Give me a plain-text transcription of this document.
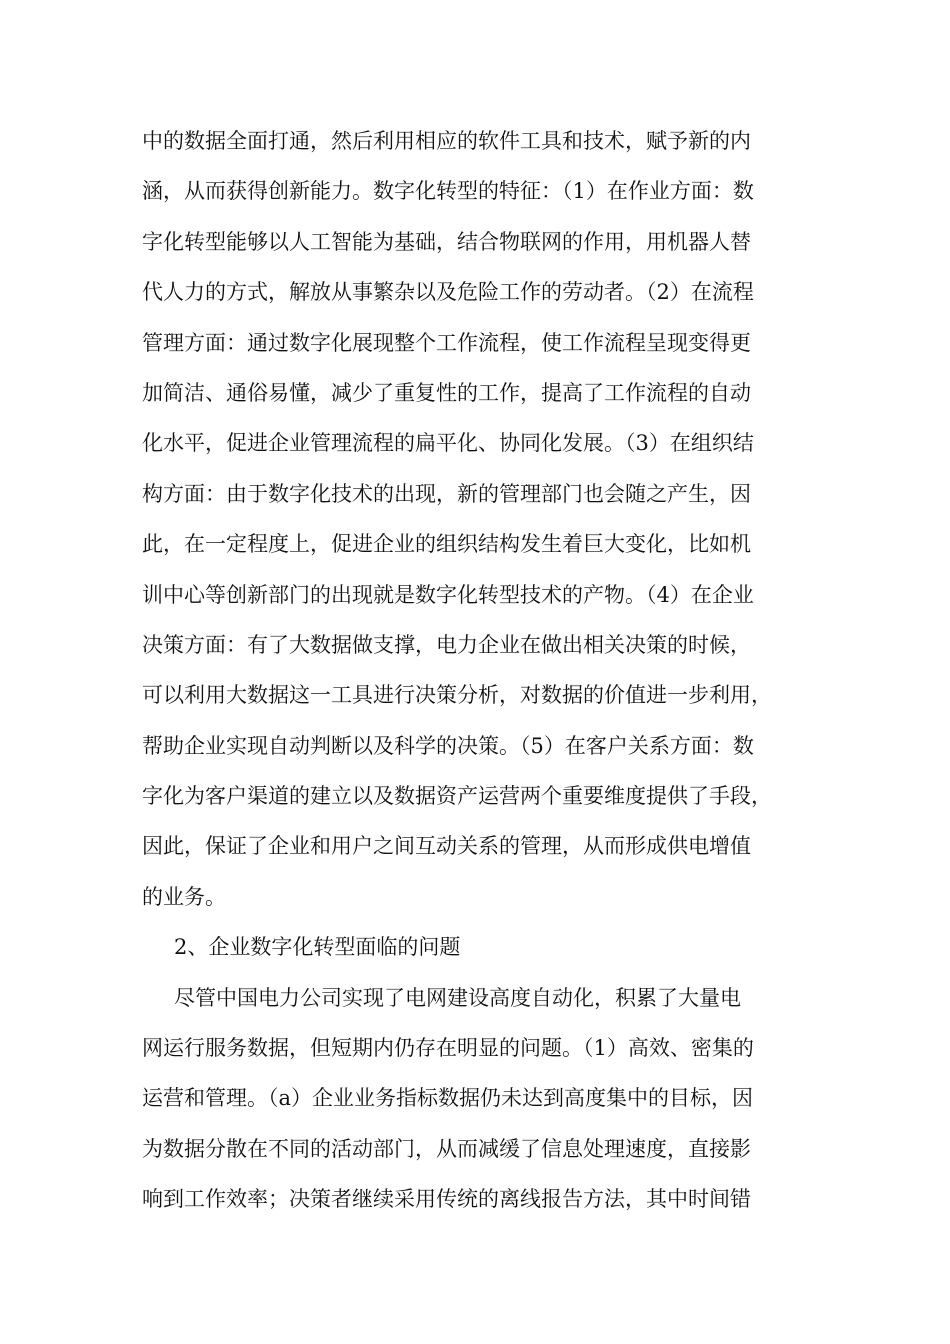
中的数据全面打通，然后利用相应的软件工具和技术，赋予新的内
涵，从而获得创新能力。数字化转型的特征：（1）在作业方面：数
字化转型能够以人工智能为基础，结合物联网的作用，用机器人替
代人力的方式，解放从事繁杂以及危险工作的劳动者。（2）在流程
管理方面：通过数字化展现整个工作流程，使工作流程呈现变得更
加简洁、通俗易懂，减少了重复性的工作，提高了工作流程的自动
化水平，促进企业管理流程的扁平化、协同化发展。（3）在组织结
构方面：由于数字化技术的出现，新的管理部门也会随之产生，因
此，在一定程度上，促进企业的组织结构发生着巨大变化，比如机
训中心等创新部门的出现就是数字化转型技术的产物。（4）在企业
决策方面：有了大数据做支撑，电力企业在做出相关决策的时候，
可以利用大数据这一工具进行决策分析，对数据的价值进一步利用，
帮助企业实现自动判断以及科学的决策。（5）在客户关系方面：数
字化为客户渠道的建立以及数据资产运营两个重要维度提供了手段，
因此，保证了企业和用户之间互动关系的管理，从而形成供电增值
的业务。
2、企业数字化转型面临的问题
尽管中国电力公司实现了电网建设高度自动化，积累了大量电
网运行服务数据，但短期内仍存在明显的问题。（1）高效、密集的
运营和管理。（a）企业业务指标数据仍未达到高度集中的目标，因
为数据分散在不同的活动部门，从而减缓了信息处理速度，直接影
响到工作效率；决策者继续采用传统的离线报告方法，其中时间错
